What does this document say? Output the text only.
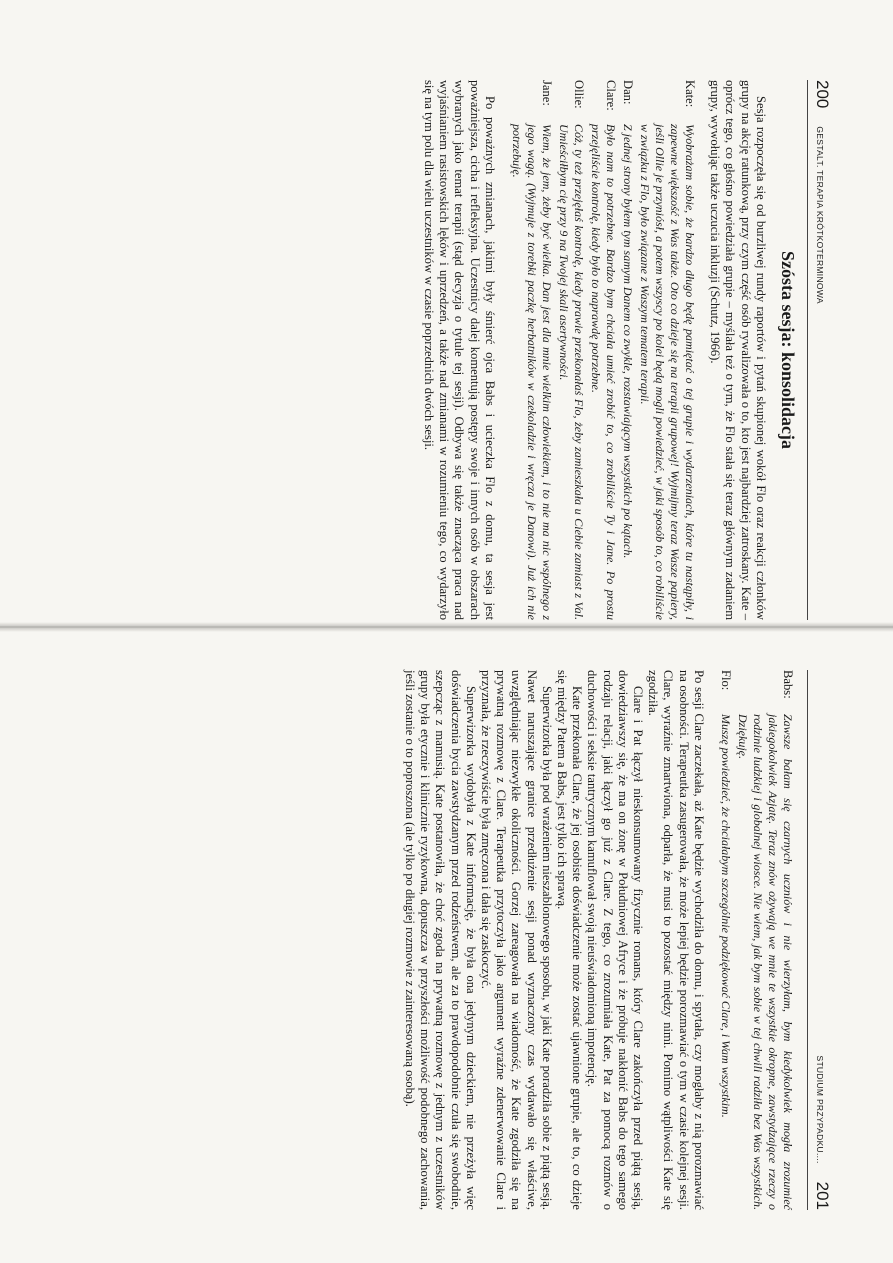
200
GESTALT. TERAPIA KRÓTKOTERMINOWA
Szósta sesja: konsolidacja

Sesja rozpoczęła się od burzliwej rundy raportów i pytań skupionej wokół Flo oraz reakcji członków grupy na akcję ratunkową, przy czym część osób rywalizowała o to, kto jest najbardziej zatroskany. Kate – oprócz tego, co głośno powiedziała grupie – myślała też o tym, że Flo stała się teraz głównym zadaniem grupy, wywołując także uczucia inkluzji (Schutz, 1966).

Kate:
Wyobrażam sobie, że bardzo długo będę pamiętać o tej grupie i wydarzeniach, które tu nastąpiły, i zapewne większość z Was także. Oto co dzieje się na terapii grupowej! Wyjmijmy teraz Wasze papiery, jeśli Ollie je przyniósł, a potem wszyscy po kolei będą mogli powiedzieć, w jaki sposób to, co robiliście w związku z Flo, było związane z Waszym tematem terapii.
Dan:
Z jednej strony byłem tym samym Danem co zwykle, rozstawiającym wszystkich po kątach.
Clare:
Było nam to potrzebne. Bardzo bym chciała umieć zrobić to, co zrobiliście Ty i Jane. Po prostu przejęliście kontrolę, kiedy było to naprawdę potrzebne.
Ollie:
Cóż, ty też przejęłaś kontrolę, kiedy prawie przekonałaś Flo, żeby zamieszkała u Ciebie zamiast z Val. Umieściłbym cię przy 9 na Twojej skali asertywności.
Jane:
Wiem, że jem, żeby być wielka. Dan jest dla mnie wielkim człowiekiem, i to nie ma nic wspólnego z jego wagą. (Wyjmuje z torebki paczkę herbatników w czekoladzie i wręcza je Danowi). Już ich nie potrzebuję.

Po poważnych zmianach, jakimi były śmierć ojca Babs i ucieczka Flo z domu, ta sesja jest poważniejsza, cicha i refleksyjna. Uczestnicy dalej komentują postępy swoje i innych osób w obszarach wybranych jako temat terapii (stąd decyzja o tytule tej sesji). Odbywa się także znacząca praca nad wyjaśnianiem rasistowskich lęków i uprzedzeń, a także nad zmianami w rozumieniu tego, co wydarzyło się na tym polu dla wielu uczestników w czasie poprzednich dwóch sesji.

STUDIUM PRZYPADKU....
201
Babs:
Zawsze bałam się czarnych uczniów i nie wierzyłam, bym kiedykolwiek mogła zrozumieć jakiegokolwiek Azjatę. Teraz znów ożywają we mnie te wszystkie okropne, zawstydzające rzeczy o rodzinie ludzkiej i globalnej wiosce. Nie wiem, jak bym sobie w tej chwili radziła bez Was wszystkich. Dziękuję.
Flo:
Muszę powiedzieć, że chciałabym szczególnie podziękować Clare, i Wam wszystkim.

Po sesji Clare zaczekała, aż Kate będzie wychodziła do domu, i spytała, czy mogłaby z nią porozmawiać na osobności. Terapeutka zasugerowała, że może lepiej będzie porozmawiać o tym w czasie kolejnej sesji. Clare, wyraźnie zmartwiona, odparła, że musi to pozostać między nimi. Pomimo wątpliwości Kate się zgodziła.

Clare i Pat łączył nieskonsumowany fizycznie romans, który Clare zakończyła przed piątą sesją, dowiedziawszy się, że ma on żonę w Południowej Afryce i że próbuje nakłonić Babs do tego samego rodzaju relacji, jaki łączył go już z Clare. Z tego, co zrozumiała Kate, Pat za pomocą rozmów o duchowości i seksie tantrycznym kamuflował swoją nieuświadomioną impotencję.

Kate przekonała Clare, że jej osobiste doświadczenie może zostać ujawnione grupie, ale to, co dzieje się między Patem a Babs, jest tylko ich sprawą.

Superwizorka była pod wrażeniem nieszablonowego sposobu, w jaki Kate poradziła sobie z piątą sesją. Nawet naruszające granice przedłużenie sesji ponad wyznaczony czas wydawało się właściwe, uwzględniając niezwykłe okoliczności. Gorzej zareagowała na wiadomość, że Kate zgodziła się na prywatną rozmowę z Clare. Terapeutka przytoczyła jako argument wyraźne zdenerwowanie Clare i przyznała, że rzeczywiście była zmęczona i dała się zaskoczyć.

Superwizorka wydobyła z Kate informację, że była ona jedynym dzieckiem, nie przeżyła więc doświadczenia bycia zawstydzanym przed rodzeństwem, ale za to prawdopodobnie czuła się swobodnie, szepcząc z mamusią. Kate postanowiła, że choć zgoda na prywatną rozmowę z jednym z uczestników grupy była etycznie i klinicznie ryzykowna, dopuszcza w przyszłości możliwość podobnego zachowania, jeśli zostanie o to poproszona (ale tylko po długiej rozmowie z zainteresowaną osobą).
